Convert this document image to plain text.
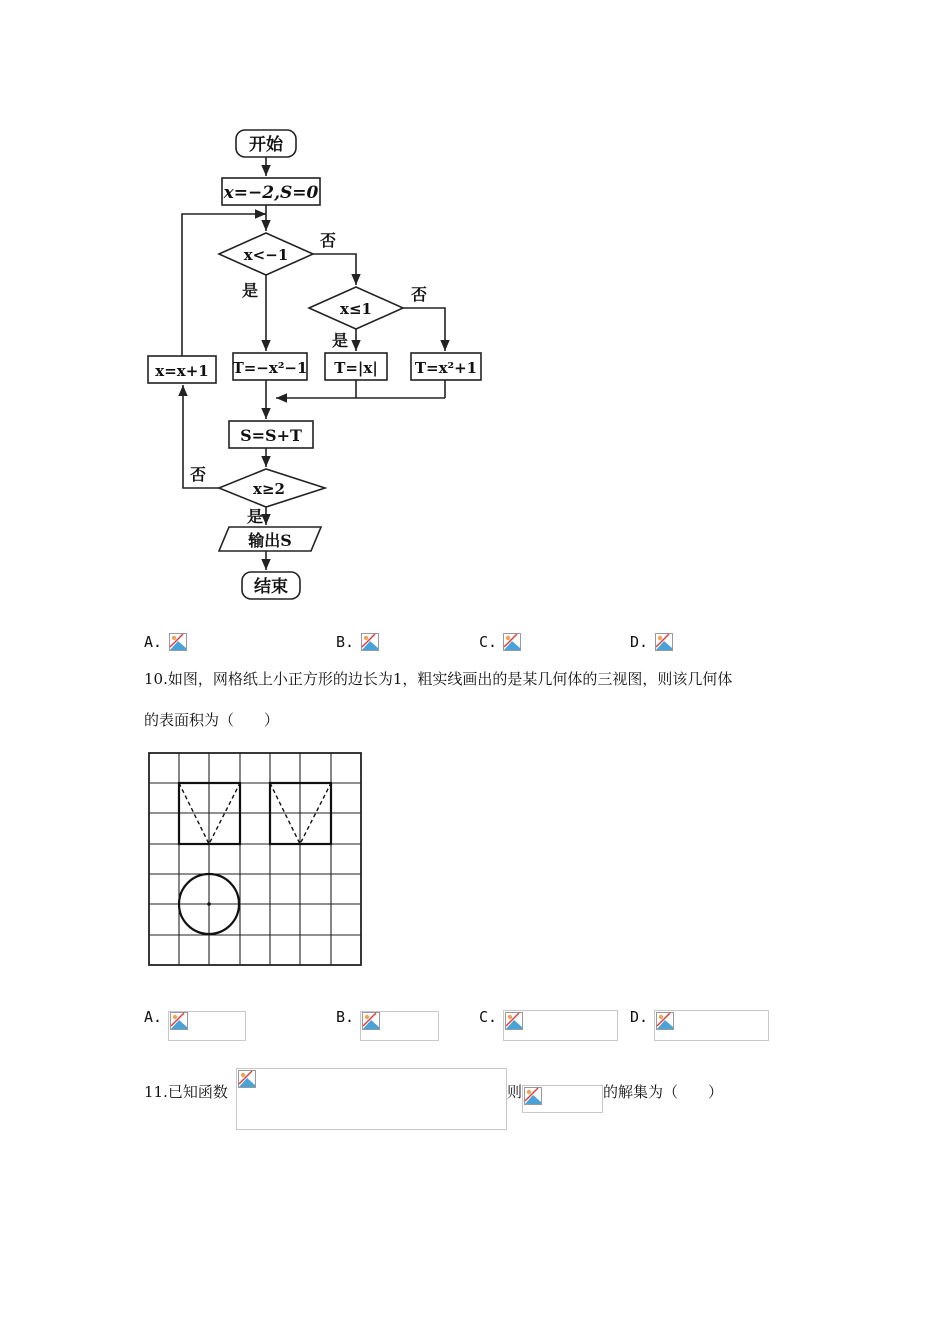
开始
x=−2,S=0
x<−1
x≤1
T=−x²−1 T=|x| T=x²+1
x=x+1
S=S+T
x≥2
输出S
结束
否
是	否
是
否
是
A.	B.	C.	D.
10.如图，网格纸上小正方形的边长为1，粗实线画出的是某几何体的三视图，则该几何体
的表面积为（　　）
A.	B.	C.	D.
11.已知函数	则	的解集为（　　）
